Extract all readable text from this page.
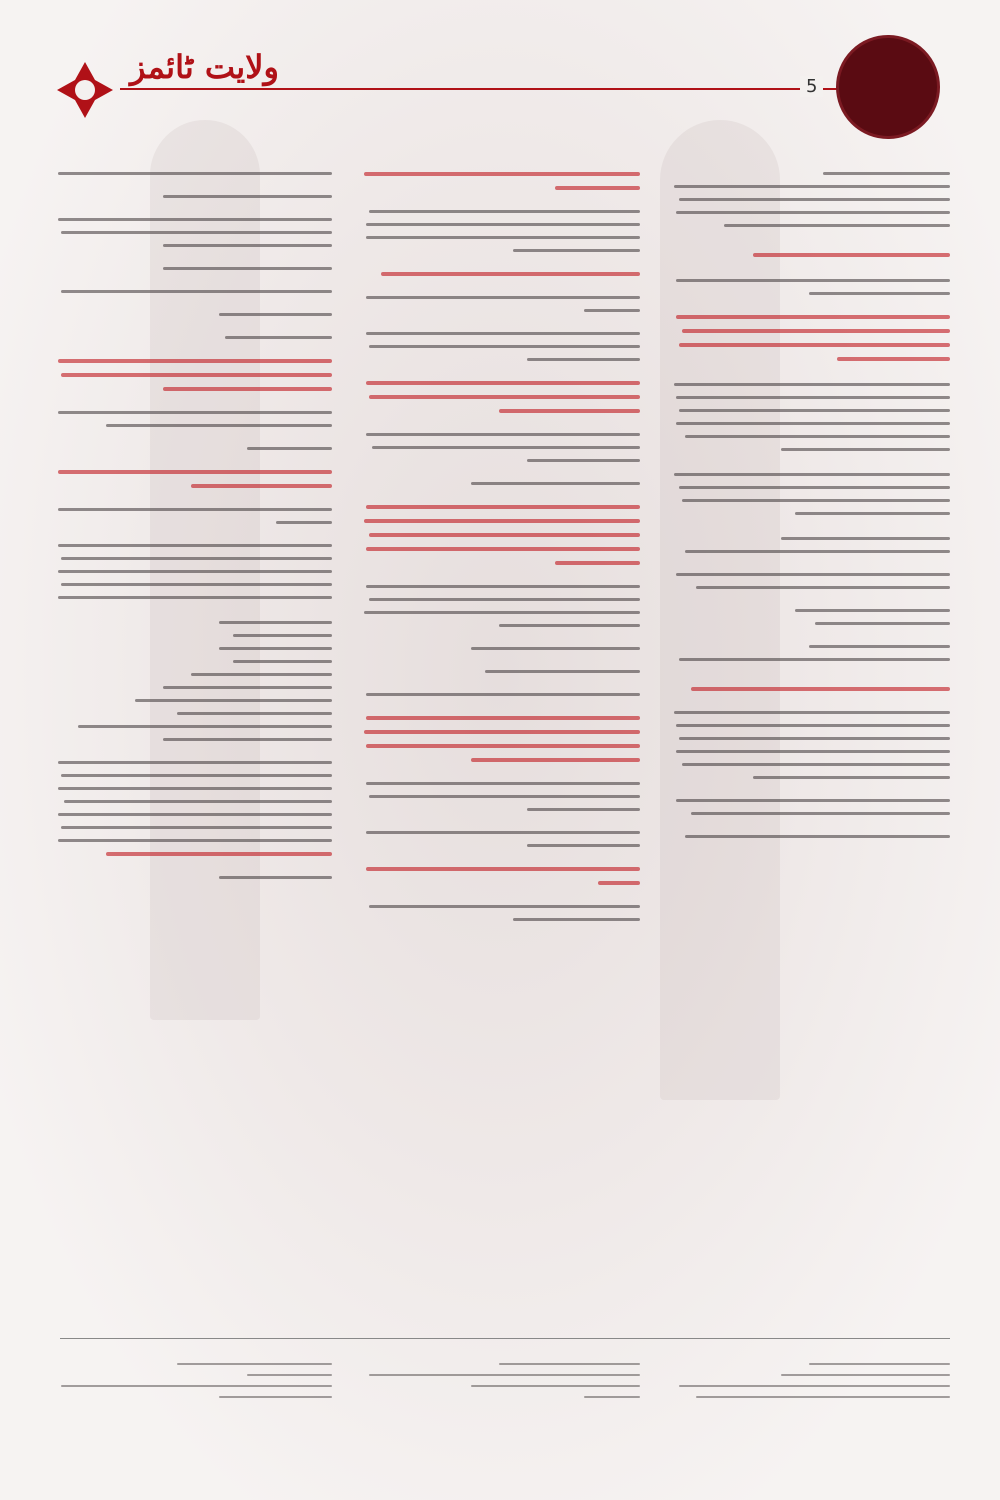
ولایت ٹائمز
5
